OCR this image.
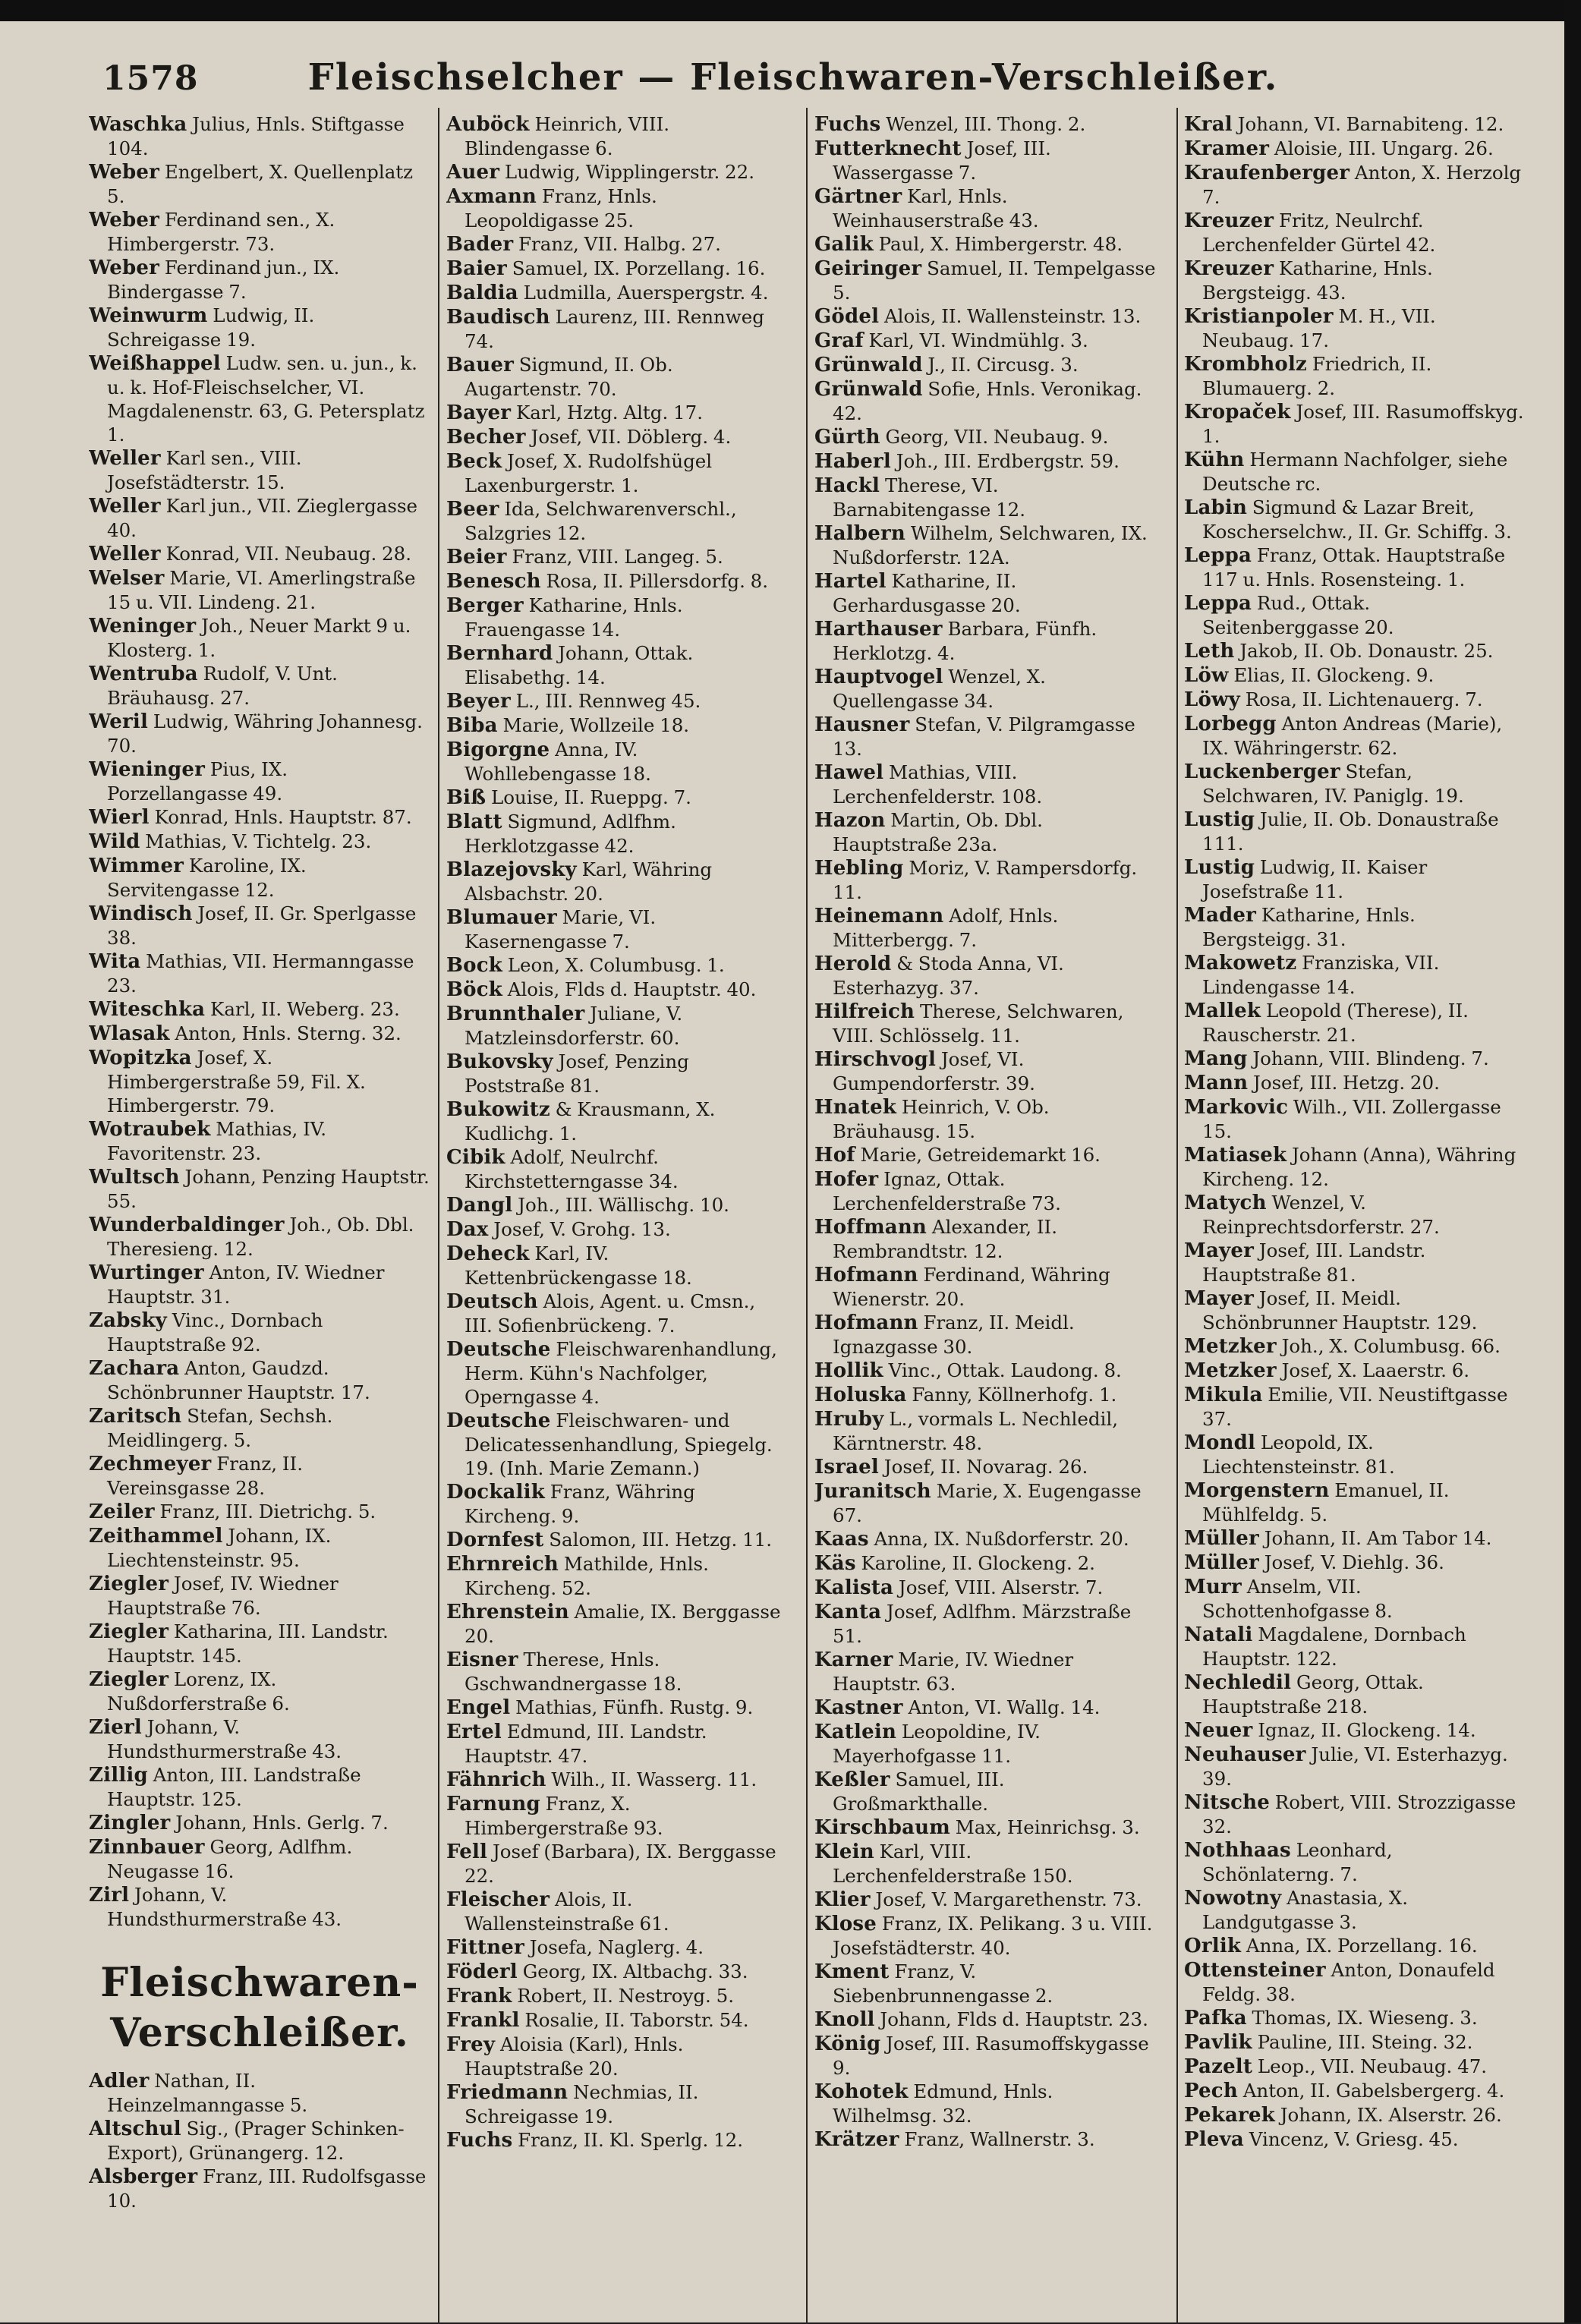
1578	Fleischselcher — Fleischwaren-Verschleißer.
Waschka Julius, Hnls. Stiftgasse 104.
Weber Engelbert, X. Quellenplatz 5.
Weber Ferdinand sen., X. Himbergerstr. 73.
Weber Ferdinand jun., IX. Bindergasse 7.
Weinwurm Ludwig, II. Schreigasse 19.
Weißhappel Ludw. sen. u. jun., k. u. k. Hof-Fleischselcher, VI. Magdalenenstr. 63, G. Petersplatz 1.
Weller Karl sen., VIII. Josefstädterstr. 15.
Weller Karl jun., VII. Zieglergasse 40.
Weller Konrad, VII. Neubaug. 28.
Welser Marie, VI. Amerlingstraße 15 u. VII. Lindeng. 21.
Weninger Joh., Neuer Markt 9 u. Klosterg. 1.
Wentruba Rudolf, V. Unt. Bräuhausg. 27.
Weril Ludwig, Währing Johannesg. 70.
Wieninger Pius, IX. Porzellangasse 49.
Wierl Konrad, Hnls. Hauptstr. 87.
Wild Mathias, V. Tichtelg. 23.
Wimmer Karoline, IX. Servitengasse 12.
Windisch Josef, II. Gr. Sperlgasse 38.
Wita Mathias, VII. Hermanngasse 23.
Witeschka Karl, II. Weberg. 23.
Wlasak Anton, Hnls. Sterng. 32.
Wopitzka Josef, X. Himbergerstraße 59, Fil. X. Himbergerstr. 79.
Wotraubek Mathias, IV. Favoritenstr. 23.
Wultsch Johann, Penzing Hauptstr. 55.
Wunderbaldinger Joh., Ob. Dbl. Theresieng. 12.
Wurtinger Anton, IV. Wiedner Hauptstr. 31.
Zabsky Vinc., Dornbach Hauptstraße 92.
Zachara Anton, Gaudzd. Schönbrunner Hauptstr. 17.
Zaritsch Stefan, Sechsh. Meidlingerg. 5.
Zechmeyer Franz, II. Vereinsgasse 28.
Zeiler Franz, III. Dietrichg. 5.
Zeithammel Johann, IX. Liechtensteinstr. 95.
Ziegler Josef, IV. Wiedner Hauptstraße 76.
Ziegler Katharina, III. Landstr. Hauptstr. 145.
Ziegler Lorenz, IX. Nußdorferstraße 6.
Zierl Johann, V. Hundsthurmerstraße 43.
Zillig Anton, III. Landstraße Hauptstr. 125.
Zingler Johann, Hnls. Gerlg. 7.
Zinnbauer Georg, Adlfhm. Neugasse 16.
Zirl Johann, V. Hundsthurmerstraße 43.
Fleischwaren-Verschleißer.
Adler Nathan, II. Heinzelmanngasse 5.
Altschul Sig., (Prager Schinken-Export), Grünangerg. 12.
Alsberger Franz, III. Rudolfsgasse 10.
Auböck Heinrich, VIII. Blindengasse 6.
Auer Ludwig, Wipplingerstr. 22.
Axmann Franz, Hnls. Leopoldigasse 25.
Bader Franz, VII. Halbg. 27.
Baier Samuel, IX. Porzellang. 16.
Baldia Ludmilla, Auerspergstr. 4.
Baudisch Laurenz, III. Rennweg 74.
Bauer Sigmund, II. Ob. Augartenstr. 70.
Bayer Karl, Hztg. Altg. 17.
Becher Josef, VII. Döblerg. 4.
Beck Josef, X. Rudolfshügel Laxenburgerstr. 1.
Beer Ida, Selchwarenverschl., Salzgries 12.
Beier Franz, VIII. Langeg. 5.
Benesch Rosa, II. Pillersdorfg. 8.
Berger Katharine, Hnls. Frauengasse 14.
Bernhard Johann, Ottak. Elisabethg. 14.
Beyer L., III. Rennweg 45.
Biba Marie, Wollzeile 18.
Bigorgne Anna, IV. Wohllebengasse 18.
Biß Louise, II. Rueppg. 7.
Blatt Sigmund, Adlfhm. Herklotzgasse 42.
Blazejovsky Karl, Währing Alsbachstr. 20.
Blumauer Marie, VI. Kasernengasse 7.
Bock Leon, X. Columbusg. 1.
Böck Alois, Flds d. Hauptstr. 40.
Brunnthaler Juliane, V. Matzleinsdorferstr. 60.
Bukovsky Josef, Penzing Poststraße 81.
Bukowitz & Krausmann, X. Kudlichg. 1.
Cibik Adolf, Neulrchf. Kirchstetterngasse 34.
Dangl Joh., III. Wällischg. 10.
Dax Josef, V. Grohg. 13.
Deheck Karl, IV. Kettenbrückengasse 18.
Deutsch Alois, Agent. u. Cmsn., III. Sofienbrückeng. 7.
Deutsche Fleischwarenhandlung, Herm. Kühn's Nachfolger, Operngasse 4.
Deutsche Fleischwaren- und Delicatessenhandlung, Spiegelg. 19. (Inh. Marie Zemann.)
Dockalik Franz, Währing Kircheng. 9.
Dornfest Salomon, III. Hetzg. 11.
Ehrnreich Mathilde, Hnls. Kircheng. 52.
Ehrenstein Amalie, IX. Berggasse 20.
Eisner Therese, Hnls. Gschwandnergasse 18.
Engel Mathias, Fünfh. Rustg. 9.
Ertel Edmund, III. Landstr. Hauptstr. 47.
Fähnrich Wilh., II. Wasserg. 11.
Farnung Franz, X. Himbergerstraße 93.
Fell Josef (Barbara), IX. Berggasse 22.
Fleischer Alois, II. Wallensteinstraße 61.
Fittner Josefa, Naglerg. 4.
Föderl Georg, IX. Altbachg. 33.
Frank Robert, II. Nestroyg. 5.
Frankl Rosalie, II. Taborstr. 54.
Frey Aloisia (Karl), Hnls. Hauptstraße 20.
Friedmann Nechmias, II. Schreigasse 19.
Fuchs Franz, II. Kl. Sperlg. 12.
Fuchs Wenzel, III. Thong. 2.
Futterknecht Josef, III. Wassergasse 7.
Gärtner Karl, Hnls. Weinhauserstraße 43.
Galik Paul, X. Himbergerstr. 48.
Geiringer Samuel, II. Tempelgasse 5.
Gödel Alois, II. Wallensteinstr. 13.
Graf Karl, VI. Windmühlg. 3.
Grünwald J., II. Circusg. 3.
Grünwald Sofie, Hnls. Veronikag. 42.
Gürth Georg, VII. Neubaug. 9.
Haberl Joh., III. Erdbergstr. 59.
Hackl Therese, VI. Barnabitengasse 12.
Halbern Wilhelm, Selchwaren, IX. Nußdorferstr. 12A.
Hartel Katharine, II. Gerhardusgasse 20.
Harthauser Barbara, Fünfh. Herklotzg. 4.
Hauptvogel Wenzel, X. Quellengasse 34.
Hausner Stefan, V. Pilgramgasse 13.
Hawel Mathias, VIII. Lerchenfelderstr. 108.
Hazon Martin, Ob. Dbl. Hauptstraße 23a.
Hebling Moriz, V. Rampersdorfg. 11.
Heinemann Adolf, Hnls. Mitterbergg. 7.
Herold & Stoda Anna, VI. Esterhazyg. 37.
Hilfreich Therese, Selchwaren, VIII. Schlösselg. 11.
Hirschvogl Josef, VI. Gumpendorferstr. 39.
Hnatek Heinrich, V. Ob. Bräuhausg. 15.
Hof Marie, Getreidemarkt 16.
Hofer Ignaz, Ottak. Lerchenfelderstraße 73.
Hoffmann Alexander, II. Rembrandtstr. 12.
Hofmann Ferdinand, Währing Wienerstr. 20.
Hofmann Franz, II. Meidl. Ignazgasse 30.
Hollik Vinc., Ottak. Laudong. 8.
Holuska Fanny, Köllnerhofg. 1.
Hruby L., vormals L. Nechledil, Kärntnerstr. 48.
Israel Josef, II. Novarag. 26.
Juranitsch Marie, X. Eugengasse 67.
Kaas Anna, IX. Nußdorferstr. 20.
Käs Karoline, II. Glockeng. 2.
Kalista Josef, VIII. Alserstr. 7.
Kanta Josef, Adlfhm. Märzstraße 51.
Karner Marie, IV. Wiedner Hauptstr. 63.
Kastner Anton, VI. Wallg. 14.
Katlein Leopoldine, IV. Mayerhofgasse 11.
Keßler Samuel, III. Großmarkthalle.
Kirschbaum Max, Heinrichsg. 3.
Klein Karl, VIII. Lerchenfelderstraße 150.
Klier Josef, V. Margarethenstr. 73.
Klose Franz, IX. Pelikang. 3 u. VIII. Josefstädterstr. 40.
Kment Franz, V. Siebenbrunnengasse 2.
Knoll Johann, Flds d. Hauptstr. 23.
König Josef, III. Rasumoffskygasse 9.
Kohotek Edmund, Hnls. Wilhelmsg. 32.
Krätzer Franz, Wallnerstr. 3.
Kral Johann, VI. Barnabiteng. 12.
Kramer Aloisie, III. Ungarg. 26.
Kraufenberger Anton, X. Herzolg 7.
Kreuzer Fritz, Neulrchf. Lerchenfelder Gürtel 42.
Kreuzer Katharine, Hnls. Bergsteigg. 43.
Kristianpoler M. H., VII. Neubaug. 17.
Krombholz Friedrich, II. Blumauerg. 2.
Kropaček Josef, III. Rasumoffskyg. 1.
Kühn Hermann Nachfolger, siehe Deutsche rc.
Labin Sigmund & Lazar Breit, Koscherselchw., II. Gr. Schiffg. 3.
Leppa Franz, Ottak. Hauptstraße 117 u. Hnls. Rosensteing. 1.
Leppa Rud., Ottak. Seitenberggasse 20.
Leth Jakob, II. Ob. Donaustr. 25.
Löw Elias, II. Glockeng. 9.
Löwy Rosa, II. Lichtenauerg. 7.
Lorbegg Anton Andreas (Marie), IX. Währingerstr. 62.
Luckenberger Stefan, Selchwaren, IV. Paniglg. 19.
Lustig Julie, II. Ob. Donaustraße 111.
Lustig Ludwig, II. Kaiser Josefstraße 11.
Mader Katharine, Hnls. Bergsteigg. 31.
Makowetz Franziska, VII. Lindengasse 14.
Mallek Leopold (Therese), II. Rauscherstr. 21.
Mang Johann, VIII. Blindeng. 7.
Mann Josef, III. Hetzg. 20.
Markovic Wilh., VII. Zollergasse 15.
Matiasek Johann (Anna), Währing Kircheng. 12.
Matych Wenzel, V. Reinprechtsdorferstr. 27.
Mayer Josef, III. Landstr. Hauptstraße 81.
Mayer Josef, II. Meidl. Schönbrunner Hauptstr. 129.
Metzker Joh., X. Columbusg. 66.
Metzker Josef, X. Laaerstr. 6.
Mikula Emilie, VII. Neustiftgasse 37.
Mondl Leopold, IX. Liechtensteinstr. 81.
Morgenstern Emanuel, II. Mühlfeldg. 5.
Müller Johann, II. Am Tabor 14.
Müller Josef, V. Diehlg. 36.
Murr Anselm, VII. Schottenhofgasse 8.
Natali Magdalene, Dornbach Hauptstr. 122.
Nechledil Georg, Ottak. Hauptstraße 218.
Neuer Ignaz, II. Glockeng. 14.
Neuhauser Julie, VI. Esterhazyg. 39.
Nitsche Robert, VIII. Strozzigasse 32.
Nothhaas Leonhard, Schönlaterng. 7.
Nowotny Anastasia, X. Landgutgasse 3.
Orlik Anna, IX. Porzellang. 16.
Ottensteiner Anton, Donaufeld Feldg. 38.
Pafka Thomas, IX. Wieseng. 3.
Pavlik Pauline, III. Steing. 32.
Pazelt Leop., VII. Neubaug. 47.
Pech Anton, II. Gabelsbergerg. 4.
Pekarek Johann, IX. Alserstr. 26.
Pleva Vincenz, V. Griesg. 45.
